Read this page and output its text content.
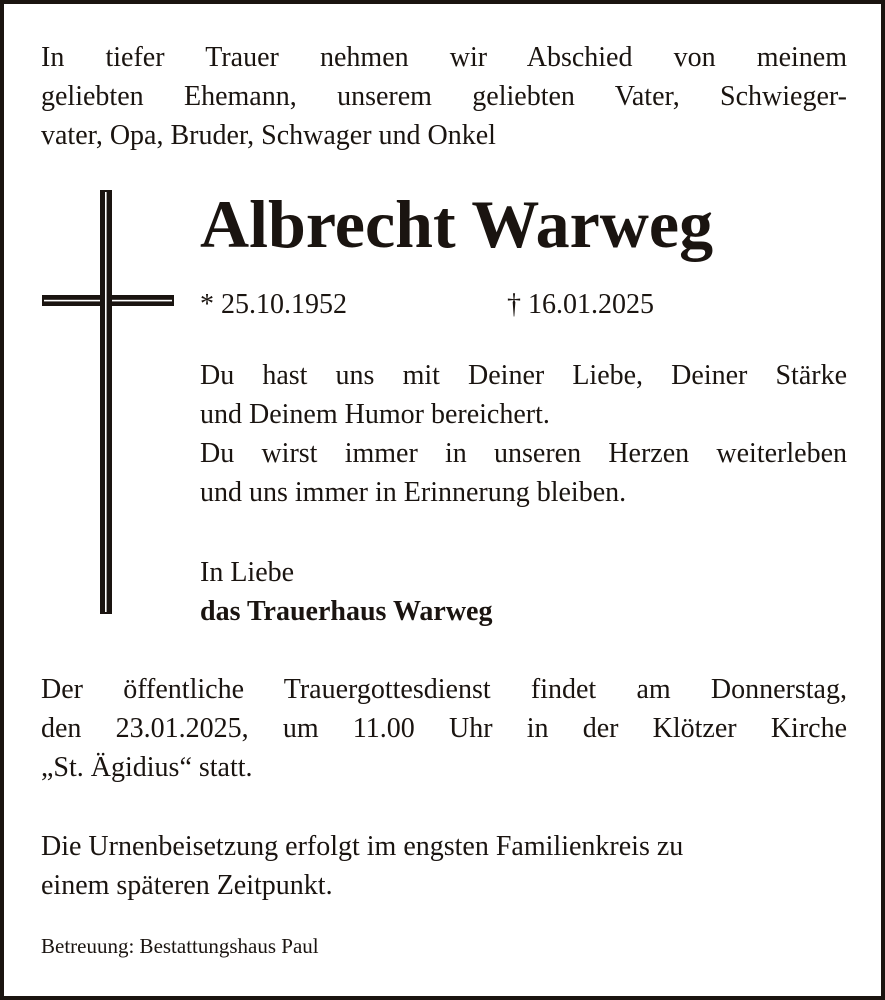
In tiefer Trauer nehmen wir Abschied von meinem

geliebten Ehemann, unserem geliebten Vater, Schwieger-

vater, Opa, Bruder, Schwager und Onkel

Albrecht Warweg

* 25.10.1952	† 16.01.2025

Du hast uns mit Deiner Liebe, Deiner Stärke

und Deinem Humor bereichert.

Du wirst immer in unseren Herzen weiterleben

und uns immer in Erinnerung bleiben.

In Liebe

das Trauerhaus Warweg

Der öffentliche Trauergottesdienst findet am Donnerstag,

den 23.01.2025, um 11.00 Uhr in der Klötzer Kirche

„St. Ägidius“ statt.

Die Urnenbeisetzung erfolgt im engsten Familienkreis zu

einem späteren Zeitpunkt.

Betreuung: Bestattungshaus Paul
